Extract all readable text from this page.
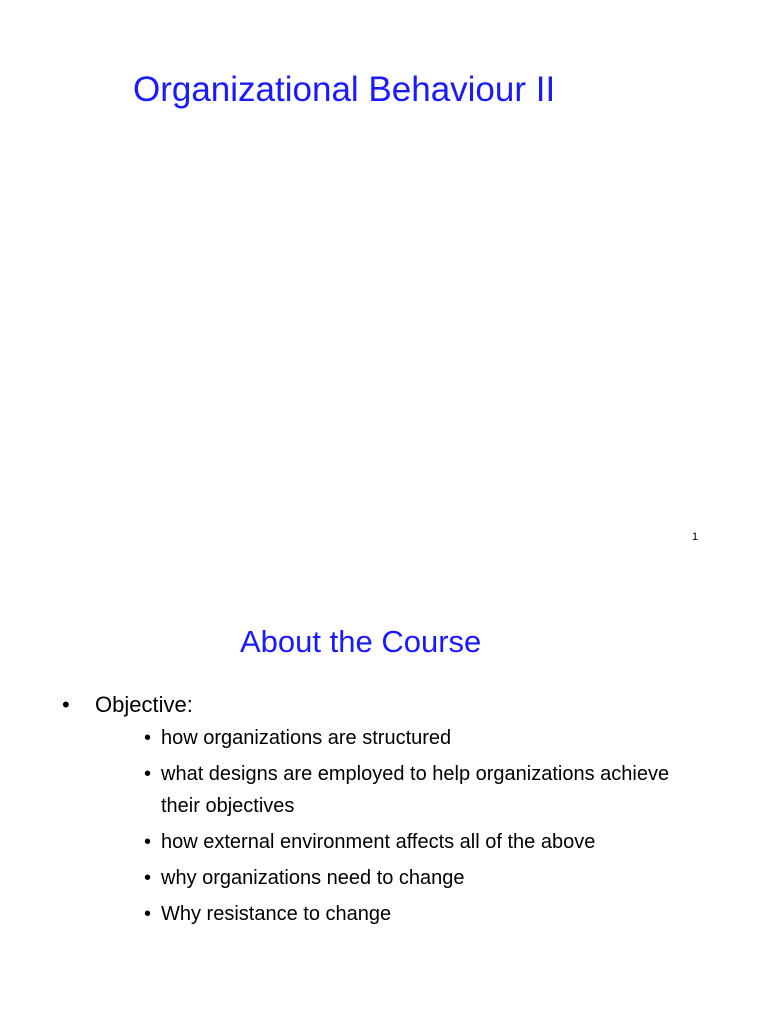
Organizational Behaviour II
1
About the Course
• Objective:
• how organizations are structured
• what designs are employed to help organizations achieve their objectives
• how external environment affects all of the above
• why organizations need to change
• Why resistance to change
